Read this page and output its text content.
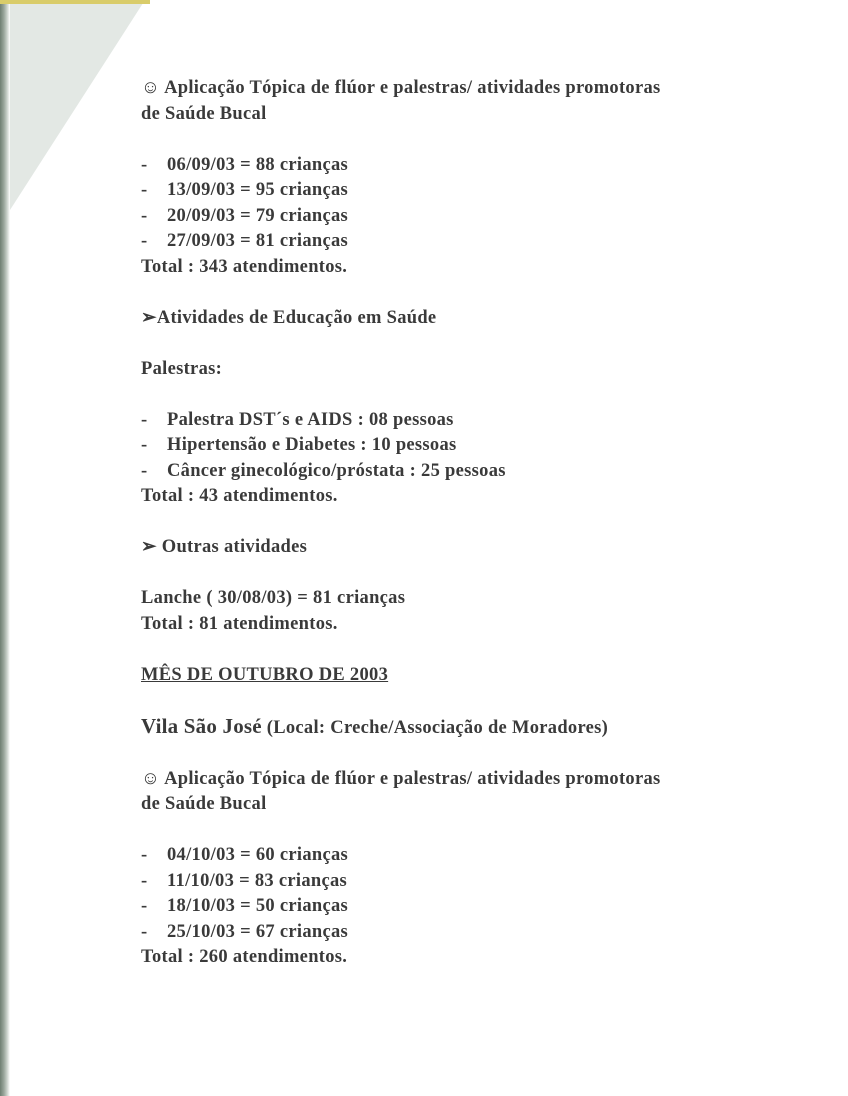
☺ Aplicação Tópica de flúor e palestras/ atividades promotoras

de Saúde Bucal

- 06/09/03 = 88 crianças

- 13/09/03 = 95 crianças

- 20/09/03 = 79 crianças

- 27/09/03 = 81 crianças

Total : 343 atendimentos.

➢Atividades de Educação em Saúde

Palestras:

- Palestra DST´s e AIDS : 08 pessoas

- Hipertensão e Diabetes : 10 pessoas

- Câncer ginecológico/próstata : 25 pessoas

Total : 43 atendimentos.

➢ Outras atividades

Lanche ( 30/08/03) = 81 crianças

Total : 81 atendimentos.

MÊS DE OUTUBRO DE 2003

Vila São José (Local: Creche/Associação de Moradores)

☺ Aplicação Tópica de flúor e palestras/ atividades promotoras

de Saúde Bucal

- 04/10/03 = 60 crianças

- 11/10/03 = 83 crianças

- 18/10/03 = 50 crianças

- 25/10/03 = 67 crianças

Total : 260 atendimentos.
